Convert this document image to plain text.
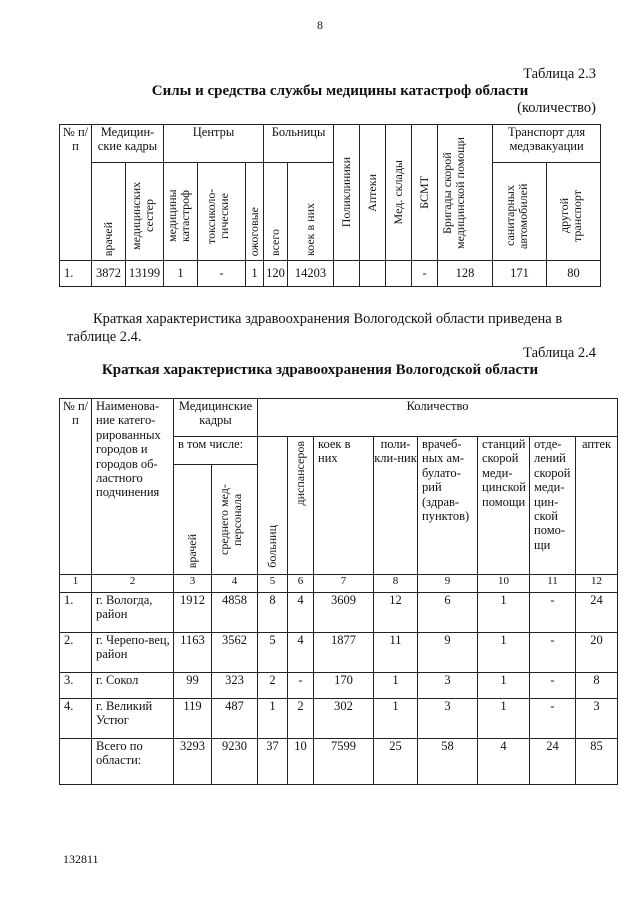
8
Таблица 2.3
Силы и средства службы медицины катастроф области
(количество)
№ п/п	Медицин-ские кадры		Центры			Больницы		Поликлиники	Аптеки	Мед. склады	БСМТ	Бригады скорой медицинской помощи	Транспорт для медэвакуации	

	врачей	медицинских сестер	медицины катастроф	токсиколо-гические	ожоговые	всего	коек в них						санитарных автомобилей	другой транспорт

1.	3872	13199	1	-	1	120	14203				-	128	171	80
Краткая характеристика здравоохранения Вологодской области приведена в таблице 2.4.
Таблица 2.4
Краткая характеристика здравоохранения Вологодской области
№ п/п	Наименова-ние катего-рированных городов и городов об-ластного подчинения	Медицинские кадры		Количество							
		в том числе:		больниц	диспансеров	коек в них	поли-кли-ник	врачеб-ных ам-булато-рий (здрав-пунктов)	станций скорой меди-цинской помощи	отде-лений скорой меди-цин-ской помо-щи	аптек

		врачей	среднего мед-персонала								

1	2	3	4	5	6	7	8	9	10	11	12
1.	г. Вологда, район	1912	4858	8	4	3609	12	6	1	-	24
2.	г. Черепо-вец, район	1163	3562	5	4	1877	11	9	1	-	20
3.	г. Сокол	99	323	2	-	170	1	3	1	-	8
4.	г. Великий Устюг	119	487	1	2	302	1	3	1	-	3
	Всего по области:	3293	9230	37	10	7599	25	58	4	24	85
132811
